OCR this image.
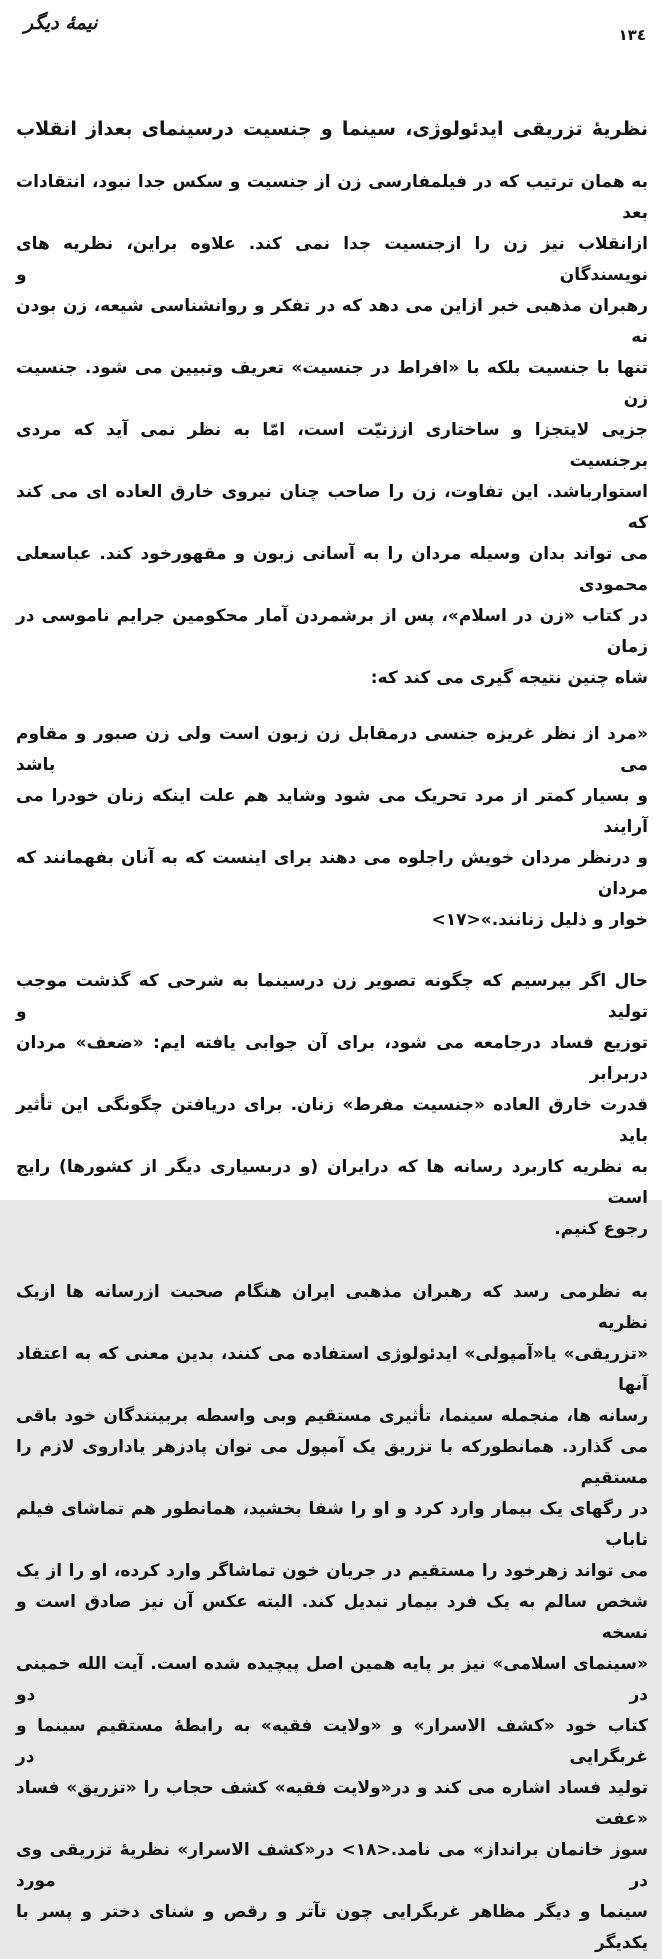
نیمهٔ دیگر
۱۳٤
نظریهٔ تزریقی ایدئولوژی، سینما و جنسیت درسینمای بعداز انقلاب
به همان ترتیب که در فیلمفارسی زن از جنسیت و سکس جدا نبود، انتقادات بعد
ازانقلاب نیز زن را ازجنسیت جدا نمی کند. علاوه براین، نظریه های نویسندگان و
رهبران مذهبی خبر ازاین می دهد که در تفکر و روانشناسی شیعه، زن بودن نه
تنها با جنسیت بلکه با «افراط در جنسیت» تعریف وتبیین می شود. جنسیت زن
جزیی لایتجزا و ساختاری اززنیّت است، امّا به نظر نمی آید که مردی برجنسیت
استوارباشد. این تفاوت، زن را صاحب چنان نیروی خارق العاده ای می کند که
می تواند بدان وسیله مردان را به آسانی زبون و مقهورخود کند. عباسعلی محمودی
در کتاب «زن در اسلام»، پس از برشمردن آمار محکومین جرایم ناموسی در زمان
شاه چنین نتیجه گیری می کند که:
«مرد از نظر غریزه جنسی درمقابل زن زبون است ولی زن صبور و مقاوم می باشد
و بسیار کمتر از مرد تحریک می شود وشاید هم علت اینکه زنان خودرا می آرایند
و درنظر مردان خویش راجلوه می دهند برای اینست که به آنان بفهمانند که مردان
خوار و ذلیل زنانند.»<۱۷>
حال اگر بپرسیم که چگونه تصویر زن درسینما به شرحی که گذشت موجب تولید و
توزیع فساد درجامعه می شود، برای آن جوابی یافته ایم: «ضعف» مردان دربرابر
قدرت خارق العاده «جنسیت مفرط» زنان. برای دریافتن چگونگی این تأثیر باید
به نظریه کاربرد رسانه ها که درایران (و دربسیاری دیگر از کشورها) رایج است
رجوع کنیم.
به نظرمی رسد که رهبران مذهبی ایران هنگام صحبت ازرسانه ها ازیک نظریه
«تزریقی» یا«آمپولی» ایدئولوژی استفاده می کنند، بدین معنی که به اعتقاد آنها
رسانه ها، منجمله سینما، تأثیری مستقیم وبی واسطه بربینندگان خود باقی
می گذارد. همانطورکه با تزریق یک آمپول می توان پادزهر یاداروی لازم را مستقیم
در رگهای یک بیمار وارد کرد و او را شفا بخشید، همانطور هم تماشای فیلم ناباب
می تواند زهرخود را مستقیم در جریان خون تماشاگر وارد کرده، او را از یک
شخص سالم به یک فرد بیمار تبدیل کند. البته عکس آن نیز صادق است و نسخه
«سینمای اسلامی» نیز بر پایه همین اصل پیچیده شده است. آیت الله خمینی در دو
کتاب خود «کشف الاسرار» و «ولایت فقیه» به رابطهٔ مستقیم سینما و غربگرایی در
تولید فساد اشاره می کند و در«ولایت فقیه» کشف حجاب را «تزریق» فساد «عفت
سوز خانمان برانداز» می نامد.<۱۸> در«کشف الاسرار» نظریهٔ تزریقی وی در مورد
سینما و دیگر مظاهر غربگرایی چون تآتر و رقص و شنای دختر و پسر با یکدیگر
